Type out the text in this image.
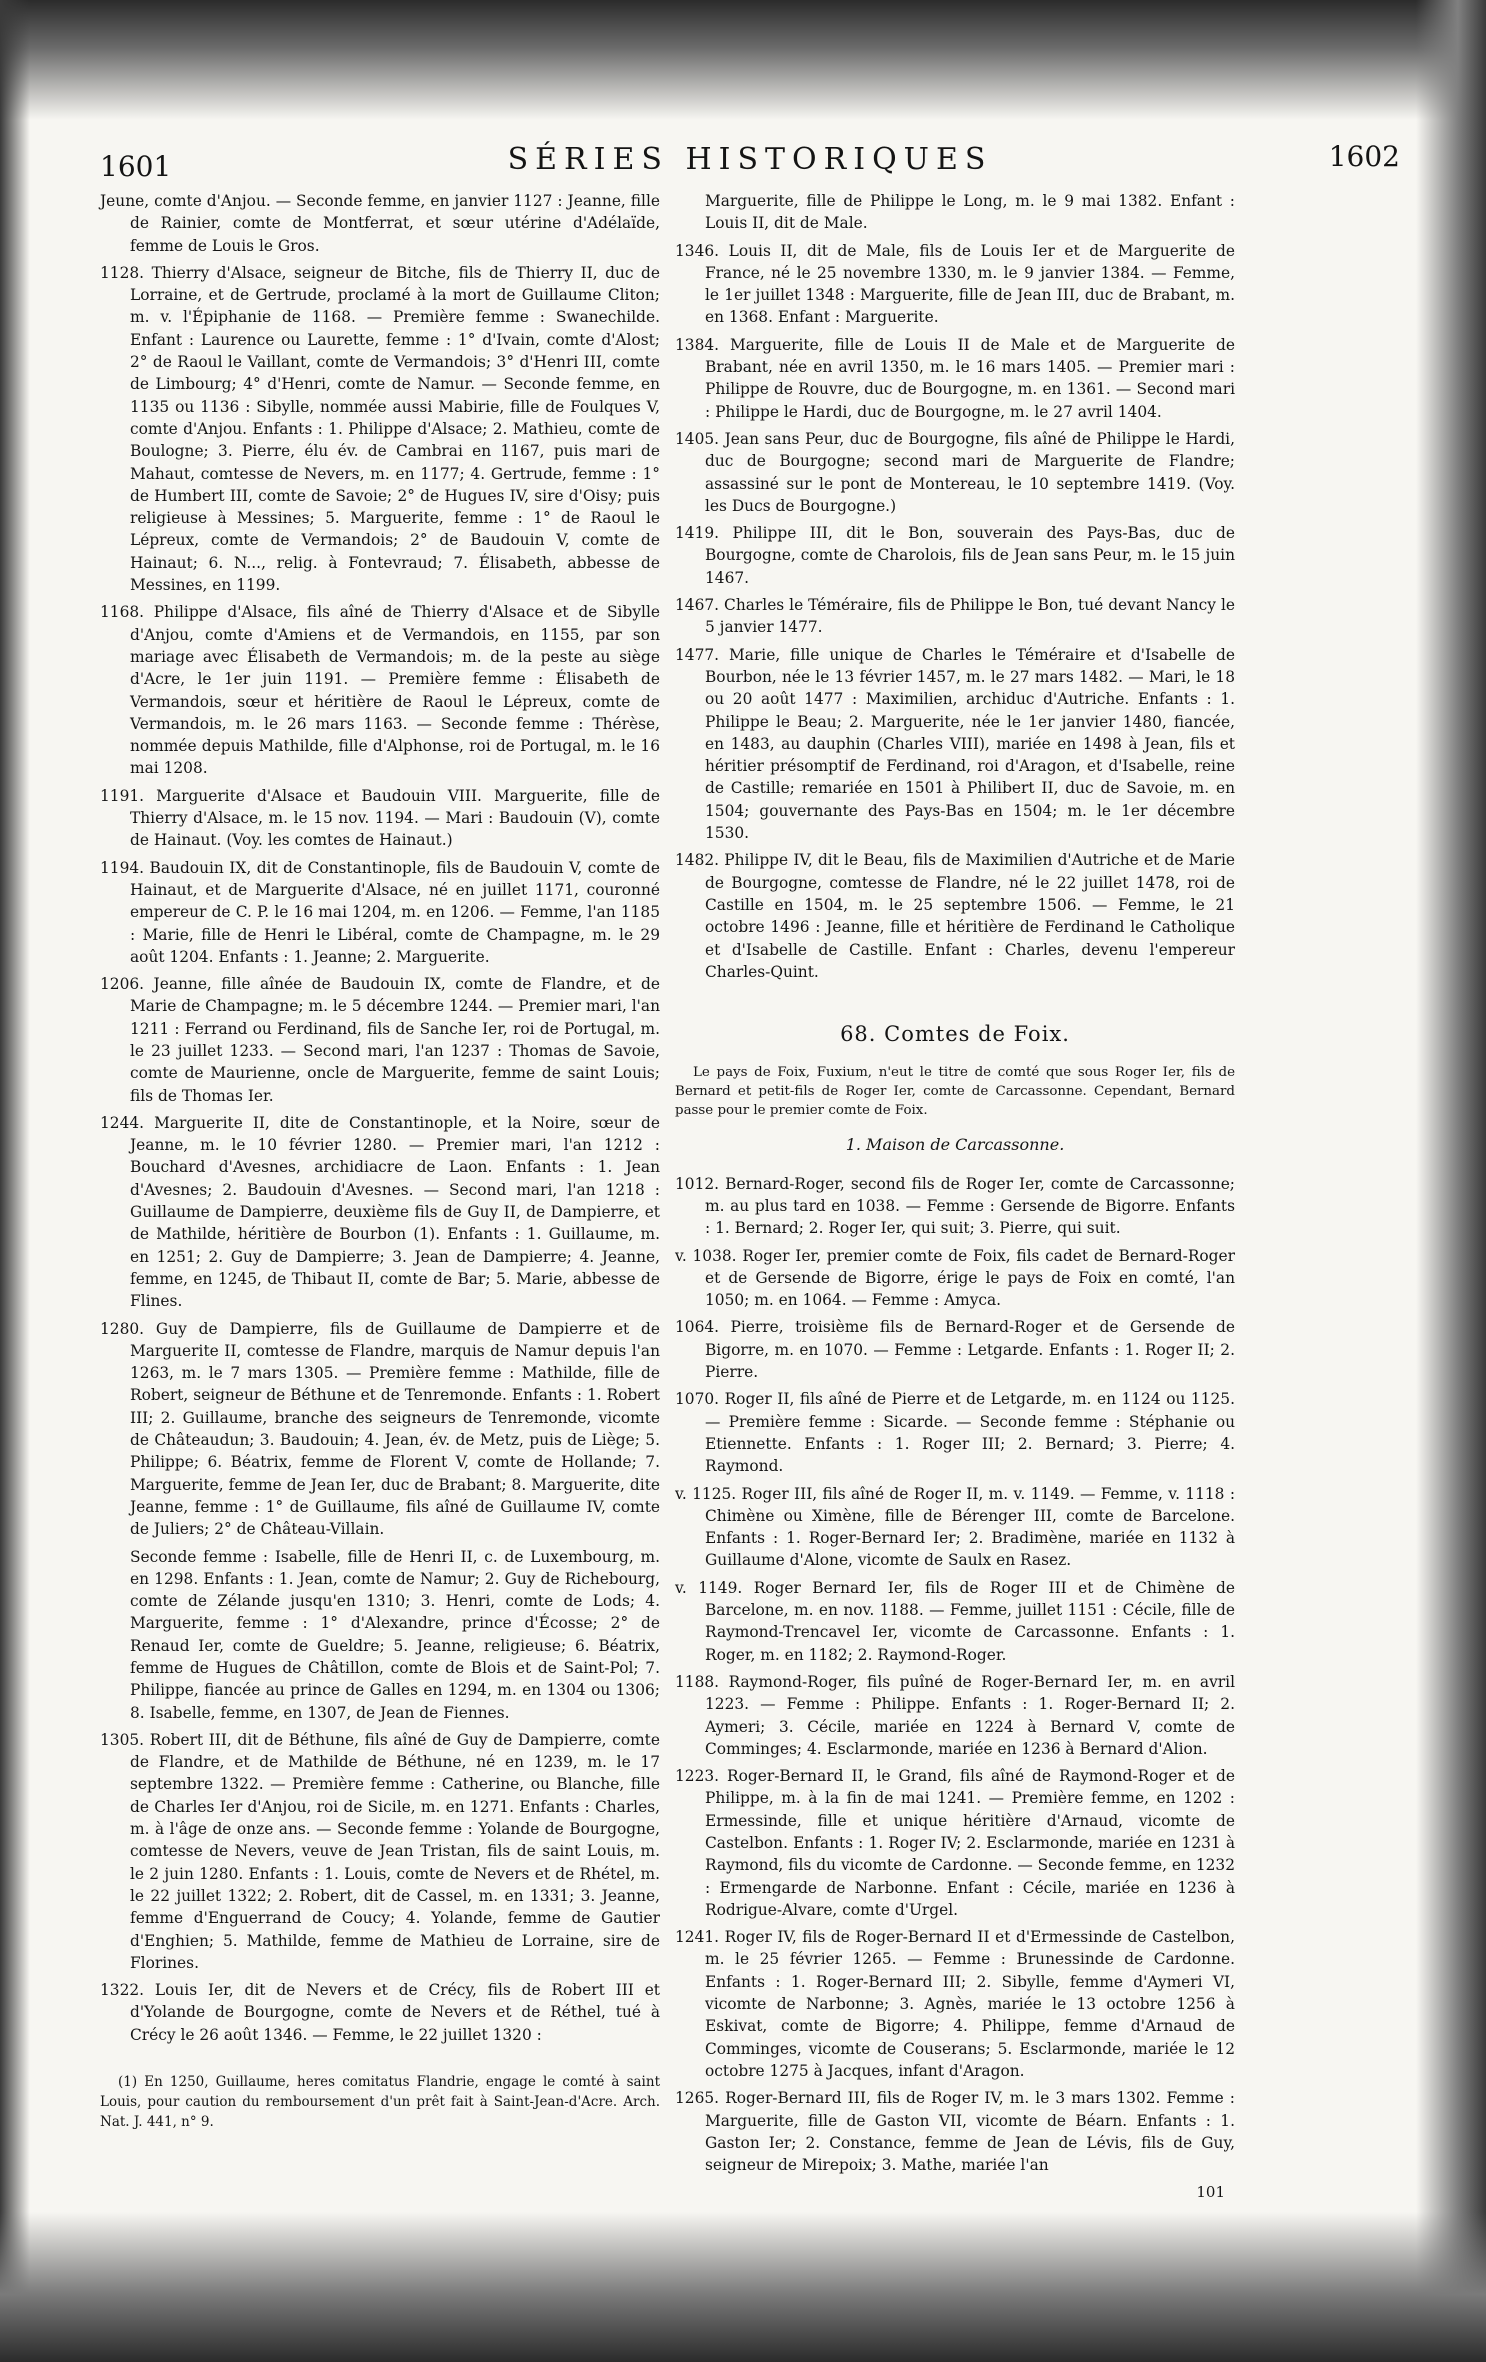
1601	SÉRIES HISTORIQUES	1602

Jeune, comte d'Anjou. — Seconde femme, en janvier 1127 : Jeanne, fille de Rainier, comte de Montferrat, et sœur utérine d'Adélaïde, femme de Louis le Gros.

1128. Thierry d'Alsace, seigneur de Bitche, fils de Thierry II, duc de Lorraine, et de Gertrude, proclamé à la mort de Guillaume Cliton; m. v. l'Épiphanie de 1168. — Première femme : Swanechilde. Enfant : Laurence ou Laurette, femme : 1° d'Ivain, comte d'Alost; 2° de Raoul le Vaillant, comte de Vermandois; 3° d'Henri III, comte de Limbourg; 4° d'Henri, comte de Namur. — Seconde femme, en 1135 ou 1136 : Sibylle, nommée aussi Mabirie, fille de Foulques V, comte d'Anjou. Enfants : 1. Philippe d'Alsace; 2. Mathieu, comte de Boulogne; 3. Pierre, élu év. de Cambrai en 1167, puis mari de Mahaut, comtesse de Nevers, m. en 1177; 4. Gertrude, femme : 1° de Humbert III, comte de Savoie; 2° de Hugues IV, sire d'Oisy; puis religieuse à Messines; 5. Marguerite, femme : 1° de Raoul le Lépreux, comte de Vermandois; 2° de Baudouin V, comte de Hainaut; 6. N..., relig. à Fontevraud; 7. Élisabeth, abbesse de Messines, en 1199.

1168. Philippe d'Alsace, fils aîné de Thierry d'Alsace et de Sibylle d'Anjou, comte d'Amiens et de Vermandois, en 1155, par son mariage avec Élisabeth de Vermandois; m. de la peste au siège d'Acre, le 1er juin 1191. — Première femme : Élisabeth de Vermandois, sœur et héritière de Raoul le Lépreux, comte de Vermandois, m. le 26 mars 1163. — Seconde femme : Thérèse, nommée depuis Mathilde, fille d'Alphonse, roi de Portugal, m. le 16 mai 1208.

1191. Marguerite d'Alsace et Baudouin VIII. Marguerite, fille de Thierry d'Alsace, m. le 15 nov. 1194. — Mari : Baudouin (V), comte de Hainaut. (Voy. les comtes de Hainaut.)

1194. Baudouin IX, dit de Constantinople, fils de Baudouin V, comte de Hainaut, et de Marguerite d'Alsace, né en juillet 1171, couronné empereur de C. P. le 16 mai 1204, m. en 1206. — Femme, l'an 1185 : Marie, fille de Henri le Libéral, comte de Champagne, m. le 29 août 1204. Enfants : 1. Jeanne; 2. Marguerite.

1206. Jeanne, fille aînée de Baudouin IX, comte de Flandre, et de Marie de Champagne; m. le 5 décembre 1244. — Premier mari, l'an 1211 : Ferrand ou Ferdinand, fils de Sanche Ier, roi de Portugal, m. le 23 juillet 1233. — Second mari, l'an 1237 : Thomas de Savoie, comte de Maurienne, oncle de Marguerite, femme de saint Louis; fils de Thomas Ier.

1244. Marguerite II, dite de Constantinople, et la Noire, sœur de Jeanne, m. le 10 février 1280. — Premier mari, l'an 1212 : Bouchard d'Avesnes, archidiacre de Laon. Enfants : 1. Jean d'Avesnes; 2. Baudouin d'Avesnes. — Second mari, l'an 1218 : Guillaume de Dampierre, deuxième fils de Guy II, de Dampierre, et de Mathilde, héritière de Bourbon (1). Enfants : 1. Guillaume, m. en 1251; 2. Guy de Dampierre; 3. Jean de Dampierre; 4. Jeanne, femme, en 1245, de Thibaut II, comte de Bar; 5. Marie, abbesse de Flines.

1280. Guy de Dampierre, fils de Guillaume de Dampierre et de Marguerite II, comtesse de Flandre, marquis de Namur depuis l'an 1263, m. le 7 mars 1305. — Première femme : Mathilde, fille de Robert, seigneur de Béthune et de Tenremonde. Enfants : 1. Robert III; 2. Guillaume, branche des seigneurs de Tenremonde, vicomte de Châteaudun; 3. Baudouin; 4. Jean, év. de Metz, puis de Liège; 5. Philippe; 6. Béatrix, femme de Florent V, comte de Hollande; 7. Marguerite, femme de Jean Ier, duc de Brabant; 8. Marguerite, dite Jeanne, femme : 1° de Guillaume, fils aîné de Guillaume IV, comte de Juliers; 2° de Château-Villain.

Seconde femme : Isabelle, fille de Henri II, c. de Luxembourg, m. en 1298. Enfants : 1. Jean, comte de Namur; 2. Guy de Richebourg, comte de Zélande jusqu'en 1310; 3. Henri, comte de Lods; 4. Marguerite, femme : 1° d'Alexandre, prince d'Écosse; 2° de Renaud Ier, comte de Gueldre; 5. Jeanne, religieuse; 6. Béatrix, femme de Hugues de Châtillon, comte de Blois et de Saint-Pol; 7. Philippe, fiancée au prince de Galles en 1294, m. en 1304 ou 1306; 8. Isabelle, femme, en 1307, de Jean de Fiennes.

1305. Robert III, dit de Béthune, fils aîné de Guy de Dampierre, comte de Flandre, et de Mathilde de Béthune, né en 1239, m. le 17 septembre 1322. — Première femme : Catherine, ou Blanche, fille de Charles Ier d'Anjou, roi de Sicile, m. en 1271. Enfants : Charles, m. à l'âge de onze ans. — Seconde femme : Yolande de Bourgogne, comtesse de Nevers, veuve de Jean Tristan, fils de saint Louis, m. le 2 juin 1280. Enfants : 1. Louis, comte de Nevers et de Rhétel, m. le 22 juillet 1322; 2. Robert, dit de Cassel, m. en 1331; 3. Jeanne, femme d'Enguerrand de Coucy; 4. Yolande, femme de Gautier d'Enghien; 5. Mathilde, femme de Mathieu de Lorraine, sire de Florines.

1322. Louis Ier, dit de Nevers et de Crécy, fils de Robert III et d'Yolande de Bourgogne, comte de Nevers et de Réthel, tué à Crécy le 26 août 1346. — Femme, le 22 juillet 1320 :

(1) En 1250, Guillaume, heres comitatus Flandrie, engage le comté à saint Louis, pour caution du remboursement d'un prêt fait à Saint-Jean-d'Acre. Arch. Nat. J. 441, n° 9.

Marguerite, fille de Philippe le Long, m. le 9 mai 1382. Enfant : Louis II, dit de Male.

1346. Louis II, dit de Male, fils de Louis Ier et de Marguerite de France, né le 25 novembre 1330, m. le 9 janvier 1384. — Femme, le 1er juillet 1348 : Marguerite, fille de Jean III, duc de Brabant, m. en 1368. Enfant : Marguerite.

1384. Marguerite, fille de Louis II de Male et de Marguerite de Brabant, née en avril 1350, m. le 16 mars 1405. — Premier mari : Philippe de Rouvre, duc de Bourgogne, m. en 1361. — Second mari : Philippe le Hardi, duc de Bourgogne, m. le 27 avril 1404.

1405. Jean sans Peur, duc de Bourgogne, fils aîné de Philippe le Hardi, duc de Bourgogne; second mari de Marguerite de Flandre; assassiné sur le pont de Montereau, le 10 septembre 1419. (Voy. les Ducs de Bourgogne.)

1419. Philippe III, dit le Bon, souverain des Pays-Bas, duc de Bourgogne, comte de Charolois, fils de Jean sans Peur, m. le 15 juin 1467.

1467. Charles le Téméraire, fils de Philippe le Bon, tué devant Nancy le 5 janvier 1477.

1477. Marie, fille unique de Charles le Téméraire et d'Isabelle de Bourbon, née le 13 février 1457, m. le 27 mars 1482. — Mari, le 18 ou 20 août 1477 : Maximilien, archiduc d'Autriche. Enfants : 1. Philippe le Beau; 2. Marguerite, née le 1er janvier 1480, fiancée, en 1483, au dauphin (Charles VIII), mariée en 1498 à Jean, fils et héritier présomptif de Ferdinand, roi d'Aragon, et d'Isabelle, reine de Castille; remariée en 1501 à Philibert II, duc de Savoie, m. en 1504; gouvernante des Pays-Bas en 1504; m. le 1er décembre 1530.

1482. Philippe IV, dit le Beau, fils de Maximilien d'Autriche et de Marie de Bourgogne, comtesse de Flandre, né le 22 juillet 1478, roi de Castille en 1504, m. le 25 septembre 1506. — Femme, le 21 octobre 1496 : Jeanne, fille et héritière de Ferdinand le Catholique et d'Isabelle de Castille. Enfant : Charles, devenu l'empereur Charles-Quint.

68. Comtes de Foix.
Le pays de Foix, Fuxium, n'eut le titre de comté que sous Roger Ier, fils de Bernard et petit-fils de Roger Ier, comte de Carcassonne. Cependant, Bernard passe pour le premier comte de Foix.
1. Maison de Carcassonne.

1012. Bernard-Roger, second fils de Roger Ier, comte de Carcassonne; m. au plus tard en 1038. — Femme : Gersende de Bigorre. Enfants : 1. Bernard; 2. Roger Ier, qui suit; 3. Pierre, qui suit.

v. 1038. Roger Ier, premier comte de Foix, fils cadet de Bernard-Roger et de Gersende de Bigorre, érige le pays de Foix en comté, l'an 1050; m. en 1064. — Femme : Amyca.

1064. Pierre, troisième fils de Bernard-Roger et de Gersende de Bigorre, m. en 1070. — Femme : Letgarde. Enfants : 1. Roger II; 2. Pierre.

1070. Roger II, fils aîné de Pierre et de Letgarde, m. en 1124 ou 1125. — Première femme : Sicarde. — Seconde femme : Stéphanie ou Etiennette. Enfants : 1. Roger III; 2. Bernard; 3. Pierre; 4. Raymond.

v. 1125. Roger III, fils aîné de Roger II, m. v. 1149. — Femme, v. 1118 : Chimène ou Ximène, fille de Bérenger III, comte de Barcelone. Enfants : 1. Roger-Bernard Ier; 2. Bradimène, mariée en 1132 à Guillaume d'Alone, vicomte de Saulx en Rasez.

v. 1149. Roger Bernard Ier, fils de Roger III et de Chimène de Barcelone, m. en nov. 1188. — Femme, juillet 1151 : Cécile, fille de Raymond-Trencavel Ier, vicomte de Carcassonne. Enfants : 1. Roger, m. en 1182; 2. Raymond-Roger.

1188. Raymond-Roger, fils puîné de Roger-Bernard Ier, m. en avril 1223. — Femme : Philippe. Enfants : 1. Roger-Bernard II; 2. Aymeri; 3. Cécile, mariée en 1224 à Bernard V, comte de Comminges; 4. Esclarmonde, mariée en 1236 à Bernard d'Alion.

1223. Roger-Bernard II, le Grand, fils aîné de Raymond-Roger et de Philippe, m. à la fin de mai 1241. — Première femme, en 1202 : Ermessinde, fille et unique héritière d'Arnaud, vicomte de Castelbon. Enfants : 1. Roger IV; 2. Esclarmonde, mariée en 1231 à Raymond, fils du vicomte de Cardonne. — Seconde femme, en 1232 : Ermengarde de Narbonne. Enfant : Cécile, mariée en 1236 à Rodrigue-Alvare, comte d'Urgel.

1241. Roger IV, fils de Roger-Bernard II et d'Ermessinde de Castelbon, m. le 25 février 1265. — Femme : Brunessinde de Cardonne. Enfants : 1. Roger-Bernard III; 2. Sibylle, femme d'Aymeri VI, vicomte de Narbonne; 3. Agnès, mariée le 13 octobre 1256 à Eskivat, comte de Bigorre; 4. Philippe, femme d'Arnaud de Comminges, vicomte de Couserans; 5. Esclarmonde, mariée le 12 octobre 1275 à Jacques, infant d'Aragon.

1265. Roger-Bernard III, fils de Roger IV, m. le 3 mars 1302. Femme : Marguerite, fille de Gaston VII, vicomte de Béarn. Enfants : 1. Gaston Ier; 2. Constance, femme de Jean de Lévis, fils de Guy, seigneur de Mirepoix; 3. Mathe, mariée l'an

101
